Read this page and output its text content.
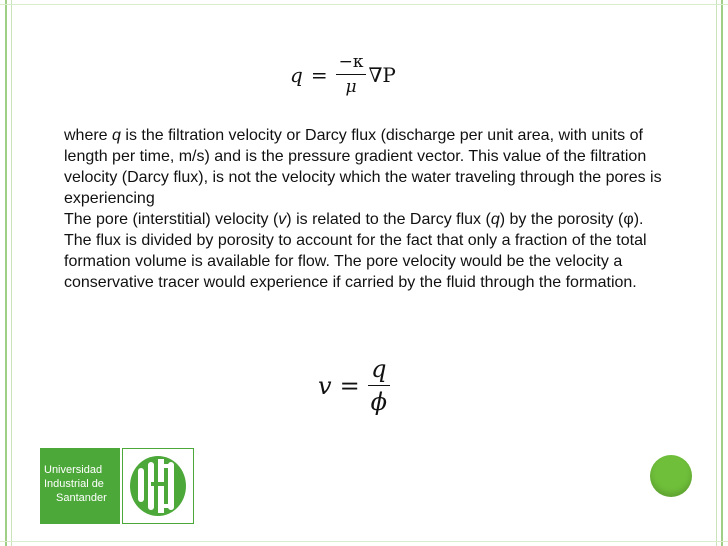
$q = \frac{-\kappa}{\mu} \nabla P$

where q is the filtration velocity or Darcy flux (discharge per unit area, with units of length per time, m/s) and is the pressure gradient vector. This value of the filtration velocity (Darcy flux), is not the velocity which the water traveling through the pores is experiencing

The pore (interstitial) velocity (v) is related to the Darcy flux (q) by the porosity (φ). The flux is divided by porosity to account for the fact that only a fraction of the total formation volume is available for flow. The pore velocity would be the velocity a conservative tracer would experience if carried by the fluid through the formation.

$v = \frac{q}{\phi}$
Universidad
Industrial de
Santander
